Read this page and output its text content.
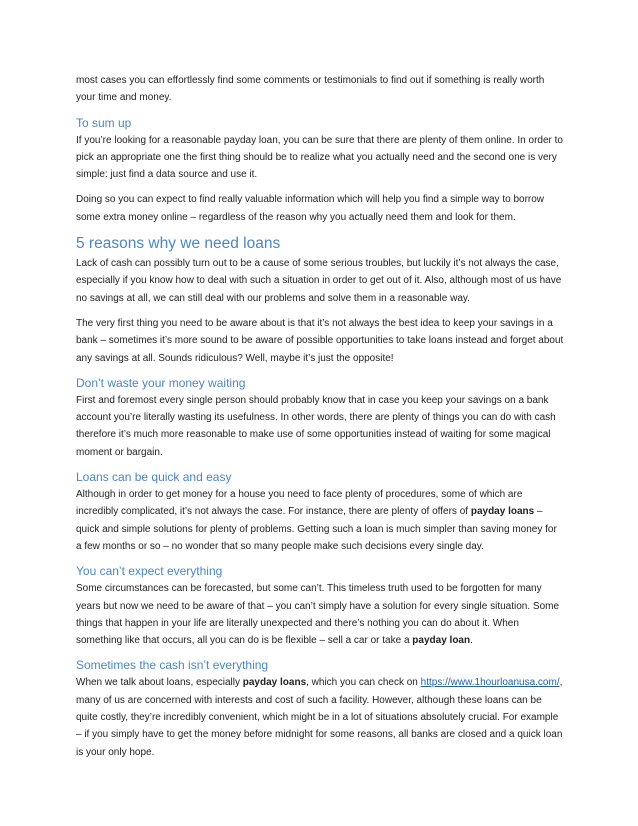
most cases you can effortlessly find some comments or testimonials to find out if something is really worth your time and money.

To sum up

If you’re looking for a reasonable payday loan, you can be sure that there are plenty of them online. In order to pick an appropriate one the first thing should be to realize what you actually need and the second one is very simple: just find a data source and use it.

Doing so you can expect to find really valuable information which will help you find a simple way to borrow some extra money online – regardless of the reason why you actually need them and look for them.

5 reasons why we need loans

Lack of cash can possibly turn out to be a cause of some serious troubles, but luckily it’s not always the case, especially if you know how to deal with such a situation in order to get out of it. Also, although most of us have no savings at all, we can still deal with our problems and solve them in a reasonable way.

The very first thing you need to be aware about is that it’s not always the best idea to keep your savings in a bank – sometimes it’s more sound to be aware of possible opportunities to take loans instead and forget about any savings at all. Sounds ridiculous? Well, maybe it’s just the opposite!

Don’t waste your money waiting

First and foremost every single person should probably know that in case you keep your savings on a bank account you’re literally wasting its usefulness. In other words, there are plenty of things you can do with cash therefore it’s much more reasonable to make use of some opportunities instead of waiting for some magical moment or bargain.

Loans can be quick and easy

Although in order to get money for a house you need to face plenty of procedures, some of which are incredibly complicated, it’s not always the case. For instance, there are plenty of offers of payday loans – quick and simple solutions for plenty of problems. Getting such a loan is much simpler than saving money for a few months or so – no wonder that so many people make such decisions every single day.

You can’t expect everything

Some circumstances can be forecasted, but some can’t. This timeless truth used to be forgotten for many years but now we need to be aware of that – you can’t simply have a solution for every single situation. Some things that happen in your life are literally unexpected and there’s nothing you can do about it. When something like that occurs, all you can do is be flexible – sell a car or take a payday loan.

Sometimes the cash isn’t everything

When we talk about loans, especially payday loans, which you can check on https://www.1hourloanusa.com/, many of us are concerned with interests and cost of such a facility. However, although these loans can be quite costly, they’re incredibly convenient, which might be in a lot of situations absolutely crucial. For example – if you simply have to get the money before midnight for some reasons, all banks are closed and a quick loan is your only hope.
